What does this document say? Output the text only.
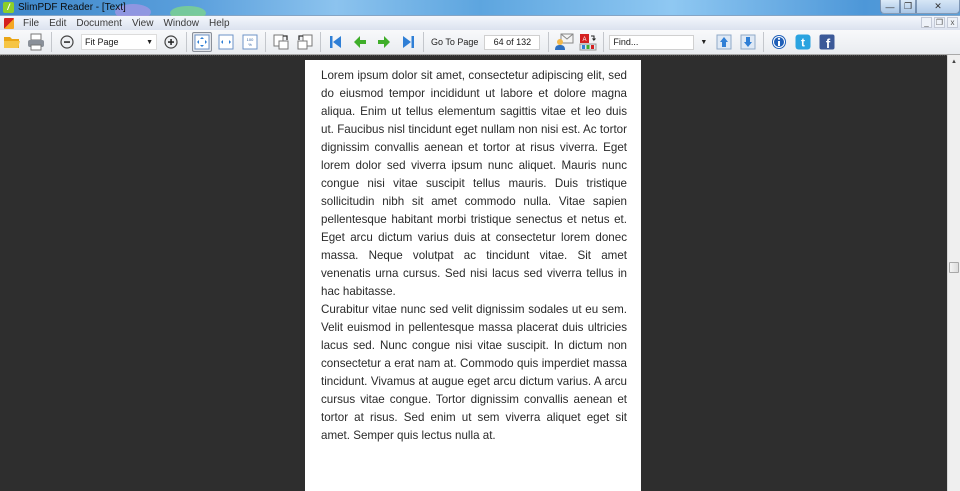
/ SlimPDF Reader - [Text]	—	❐	✕
File	Edit	Document	View	Window	Help	_ ❐ x
Fit Page	▼	100
%	Go To Page	64 of 132	A	Find...	▼	t f

Lorem ipsum dolor sit amet, consectetur adipiscing elit, sed do eiusmod tempor incididunt ut labore et dolore magna aliqua. Enim ut tellus elementum sagittis vitae et leo duis ut. Faucibus nisl tincidunt eget nullam non nisi est. Ac tortor dignissim convallis aenean et tortor at risus viverra. Eget lorem dolor sed viverra ipsum nunc aliquet. Mauris nunc congue nisi vitae suscipit tellus mauris. Duis tristique sollicitudin nibh sit amet commodo nulla. Vitae sapien pellentesque habitant morbi tristique senectus et netus et. Eget arcu dictum varius duis at consectetur lorem donec massa. Neque volutpat ac tincidunt vitae. Sit amet venenatis urna cursus. Sed nisi lacus sed viverra tellus in hac habitasse.

Curabitur vitae nunc sed velit dignissim sodales ut eu sem. Velit euismod in pellentesque massa placerat duis ultricies lacus sed. Nunc congue nisi vitae suscipit. In dictum non consectetur a erat nam at. Commodo quis imperdiet massa tincidunt. Vivamus at augue eget arcu dictum varius. A arcu cursus vitae congue. Tortor dignissim convallis aenean et tortor at risus. Sed enim ut sem viverra aliquet eget sit amet. Semper quis lectus nulla at.

▲
